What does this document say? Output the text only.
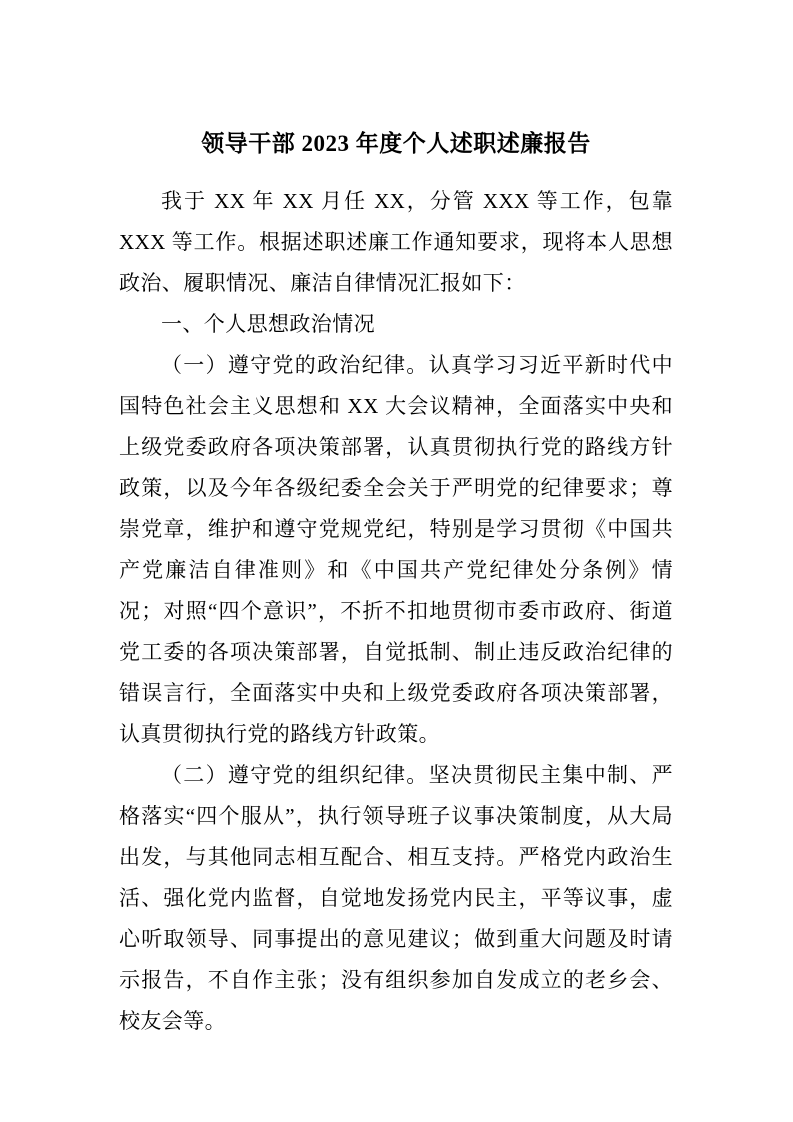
领导干部 2023 年度个人述职述廉报告

我于 XX 年 XX 月任 XX，分管 XXX 等工作，包靠 XXX 等工作。根据述职述廉工作通知要求，现将本人思想政治、履职情况、廉洁自律情况汇报如下：

一、个人思想政治情况

（一）遵守党的政治纪律。认真学习习近平新时代中国特色社会主义思想和 XX 大会议精神，全面落实中央和上级党委政府各项决策部署，认真贯彻执行党的路线方针政策，以及今年各级纪委全会关于严明党的纪律要求；尊崇党章，维护和遵守党规党纪，特别是学习贯彻《中国共产党廉洁自律准则》和《中国共产党纪律处分条例》情况；对照“四个意识”，不折不扣地贯彻市委市政府、街道党工委的各项决策部署，自觉抵制、制止违反政治纪律的错误言行，全面落实中央和上级党委政府各项决策部署，认真贯彻执行党的路线方针政策。

（二）遵守党的组织纪律。坚决贯彻民主集中制、严格落实“四个服从”，执行领导班子议事决策制度，从大局出发，与其他同志相互配合、相互支持。严格党内政治生活、强化党内监督，自觉地发扬党内民主，平等议事，虚心听取领导、同事提出的意见建议；做到重大问题及时请示报告，不自作主张；没有组织参加自发成立的老乡会、校友会等。
